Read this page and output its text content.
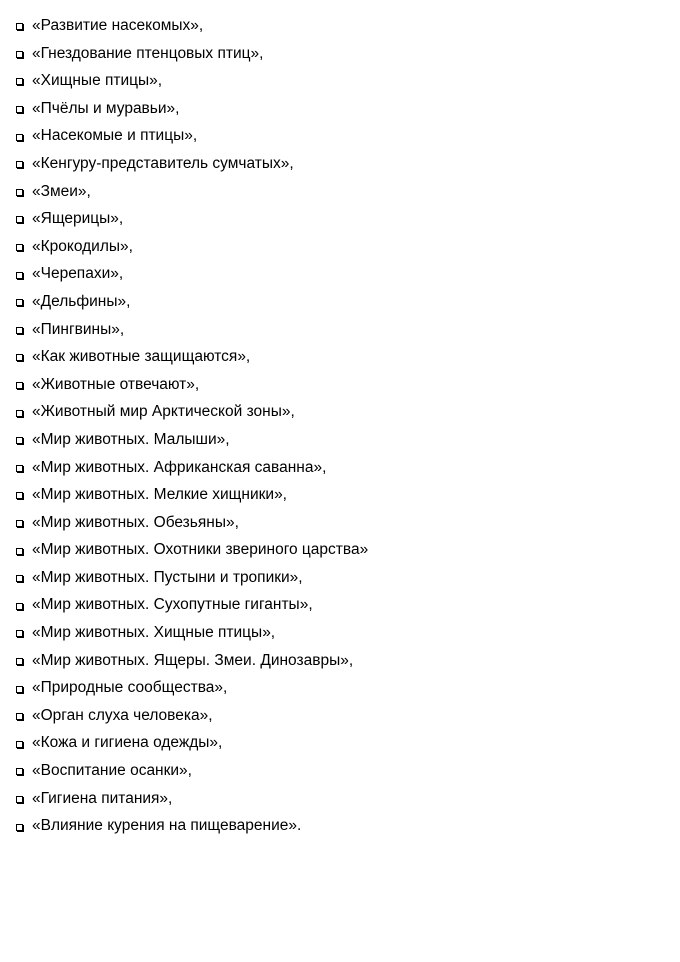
«Развитие насекомых»,
«Гнездование птенцовых птиц»,
«Хищные птицы»,
«Пчёлы и муравьи»,
«Насекомые и птицы»,
«Кенгуру-представитель сумчатых»,
«Змеи»,
«Ящерицы»,
«Крокодилы»,
«Черепахи»,
«Дельфины»,
«Пингвины»,
«Как животные защищаются»,
«Животные отвечают»,
«Животный мир Арктической зоны»,
«Мир животных. Малыши»,
«Мир животных. Африканская саванна»,
«Мир животных. Мелкие хищники»,
«Мир животных. Обезьяны»,
«Мир животных. Охотники звериного царства»
«Мир животных. Пустыни и тропики»,
«Мир животных. Сухопутные гиганты»,
«Мир животных. Хищные птицы»,
«Мир животных. Ящеры. Змеи. Динозавры»,
«Природные сообщества»,
«Орган слуха человека»,
«Кожа и гигиена одежды»,
«Воспитание осанки»,
«Гигиена питания»,
«Влияние курения на пищеварение».
